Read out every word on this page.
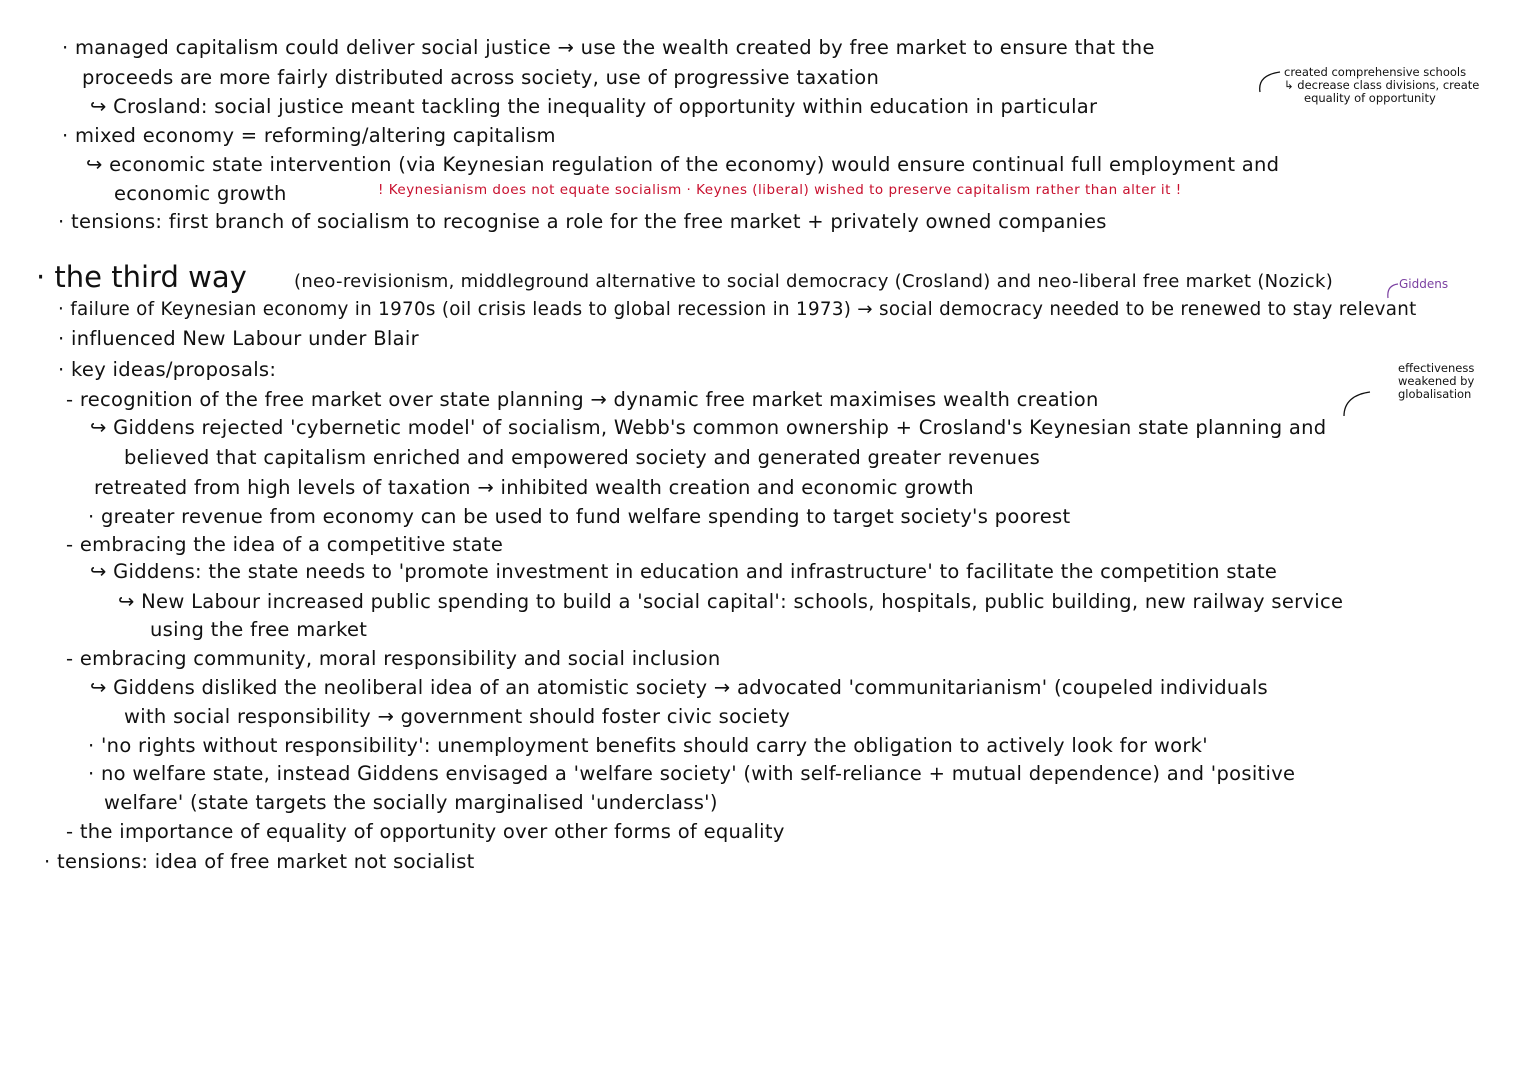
· managed capitalism could deliver social justice → use the wealth created by free market to ensure that the
proceeds are more fairly distributed across society, use of progressive taxation
↪ Crosland: social justice meant tackling the inequality of opportunity within education in particular
created comprehensive schools
↳ decrease class divisions, create
equality of opportunity
· mixed economy = reforming/altering capitalism
↪ economic state intervention (via Keynesian regulation of the economy) would ensure continual full employment and
economic growth	! Keynesianism does not equate socialism · Keynes (liberal) wished to preserve capitalism rather than alter it !
· tensions: first branch of socialism to recognise a role for the free market + privately owned companies
· the third way	(neo-revisionism, middleground alternative to social democracy (Crosland) and neo-liberal free market (Nozick)	Giddens
· failure of Keynesian economy in 1970s (oil crisis leads to global recession in 1973) → social democracy needed to be renewed to stay relevant
· influenced New Labour under Blair
· key ideas/proposals:
- recognition of the free market over state planning → dynamic free market maximises wealth creation
effectiveness
weakened by
globalisation
↪ Giddens rejected 'cybernetic model' of socialism, Webb's common ownership + Crosland's Keynesian state planning and
believed that capitalism enriched and empowered society and generated greater revenues
retreated from high levels of taxation → inhibited wealth creation and economic growth
· greater revenue from economy can be used to fund welfare spending to target society's poorest
- embracing the idea of a competitive state
↪ Giddens: the state needs to 'promote investment in education and infrastructure' to facilitate the competition state
↪ New Labour increased public spending to build a 'social capital': schools, hospitals, public building, new railway service
using the free market
- embracing community, moral responsibility and social inclusion
↪ Giddens disliked the neoliberal idea of an atomistic society → advocated 'communitarianism' (coupeled individuals
with social responsibility → government should foster civic society
· 'no rights without responsibility': unemployment benefits should carry the obligation to actively look for work'
· no welfare state, instead Giddens envisaged a 'welfare society' (with self-reliance + mutual dependence) and 'positive
welfare' (state targets the socially marginalised 'underclass')
- the importance of equality of opportunity over other forms of equality
· tensions: idea of free market not socialist
